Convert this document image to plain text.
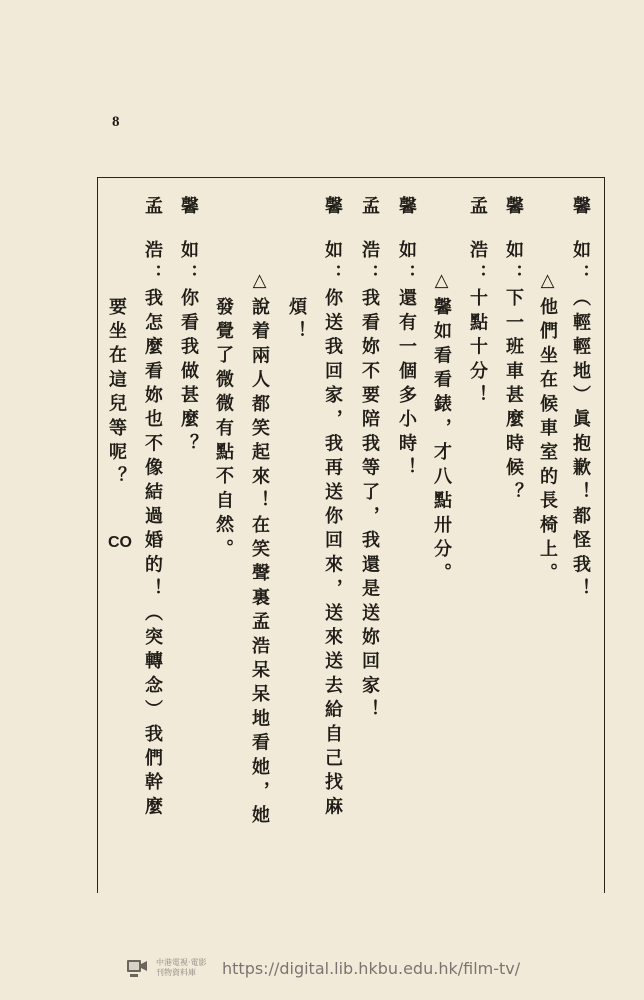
8
馨
如：（輕輕地）眞抱歉！都怪我！
△他們坐在候車室的長椅上。
馨
如：下一班車甚麼時候？
孟
浩：十點十分！
△馨如看看錶，才八點卅分。
馨
如：還有一個多小時！
孟
浩：我看妳不要陪我等了，我還是送妳回家！
馨
如：你送我回家，我再送你回來，送來送去給自己找麻
煩！
△說着兩人都笑起來！在笑聲裏孟浩呆呆地看她，她
發覺了微微有點不自然。
馨
如：你看我做甚麼？
孟
浩：我怎麼看妳也不像結過婚的！（突轉念）我們幹麼
要坐在這兒等呢？
CO
中港電視·電影刊物資料庫	https://digital.lib.hkbu.edu.hk/film-tv/
